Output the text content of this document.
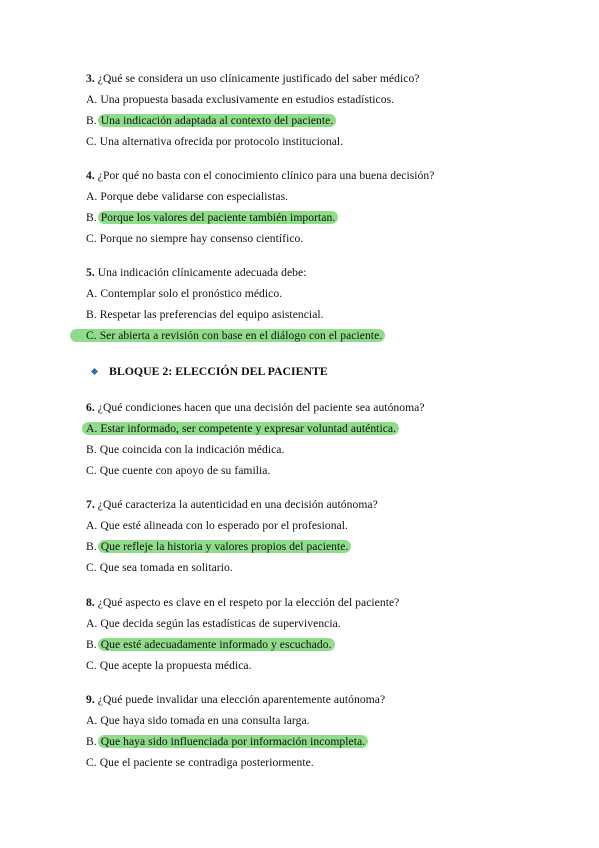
3. ¿Qué se considera un uso clínicamente justificado del saber médico?
A. Una propuesta basada exclusivamente en estudios estadísticos.
B. Una indicación adaptada al contexto del paciente.
C. Una alternativa ofrecida por protocolo institucional.
4. ¿Por qué no basta con el conocimiento clínico para una buena decisión?
A. Porque debe validarse con especialistas.
B. Porque los valores del paciente también importan.
C. Porque no siempre hay consenso científico.
5. Una indicación clínicamente adecuada debe:
A. Contemplar solo el pronóstico médico.
B. Respetar las preferencias del equipo asistencial.
C. Ser abierta a revisión con base en el diálogo con el paciente.
BLOQUE 2: ELECCIÓN DEL PACIENTE
6. ¿Qué condiciones hacen que una decisión del paciente sea autónoma?
A. Estar informado, ser competente y expresar voluntad auténtica.
B. Que coincida con la indicación médica.
C. Que cuente con apoyo de su familia.
7. ¿Qué caracteriza la autenticidad en una decisión autónoma?
A. Que esté alineada con lo esperado por el profesional.
B. Que refleje la historia y valores propios del paciente.
C. Que sea tomada en solitario.
8. ¿Qué aspecto es clave en el respeto por la elección del paciente?
A. Que decida según las estadísticas de supervivencia.
B. Que esté adecuadamente informado y escuchado.
C. Que acepte la propuesta médica.
9. ¿Qué puede invalidar una elección aparentemente autónoma?
A. Que haya sido tomada en una consulta larga.
B. Que haya sido influenciada por información incompleta.
C. Que el paciente se contradiga posteriormente.
